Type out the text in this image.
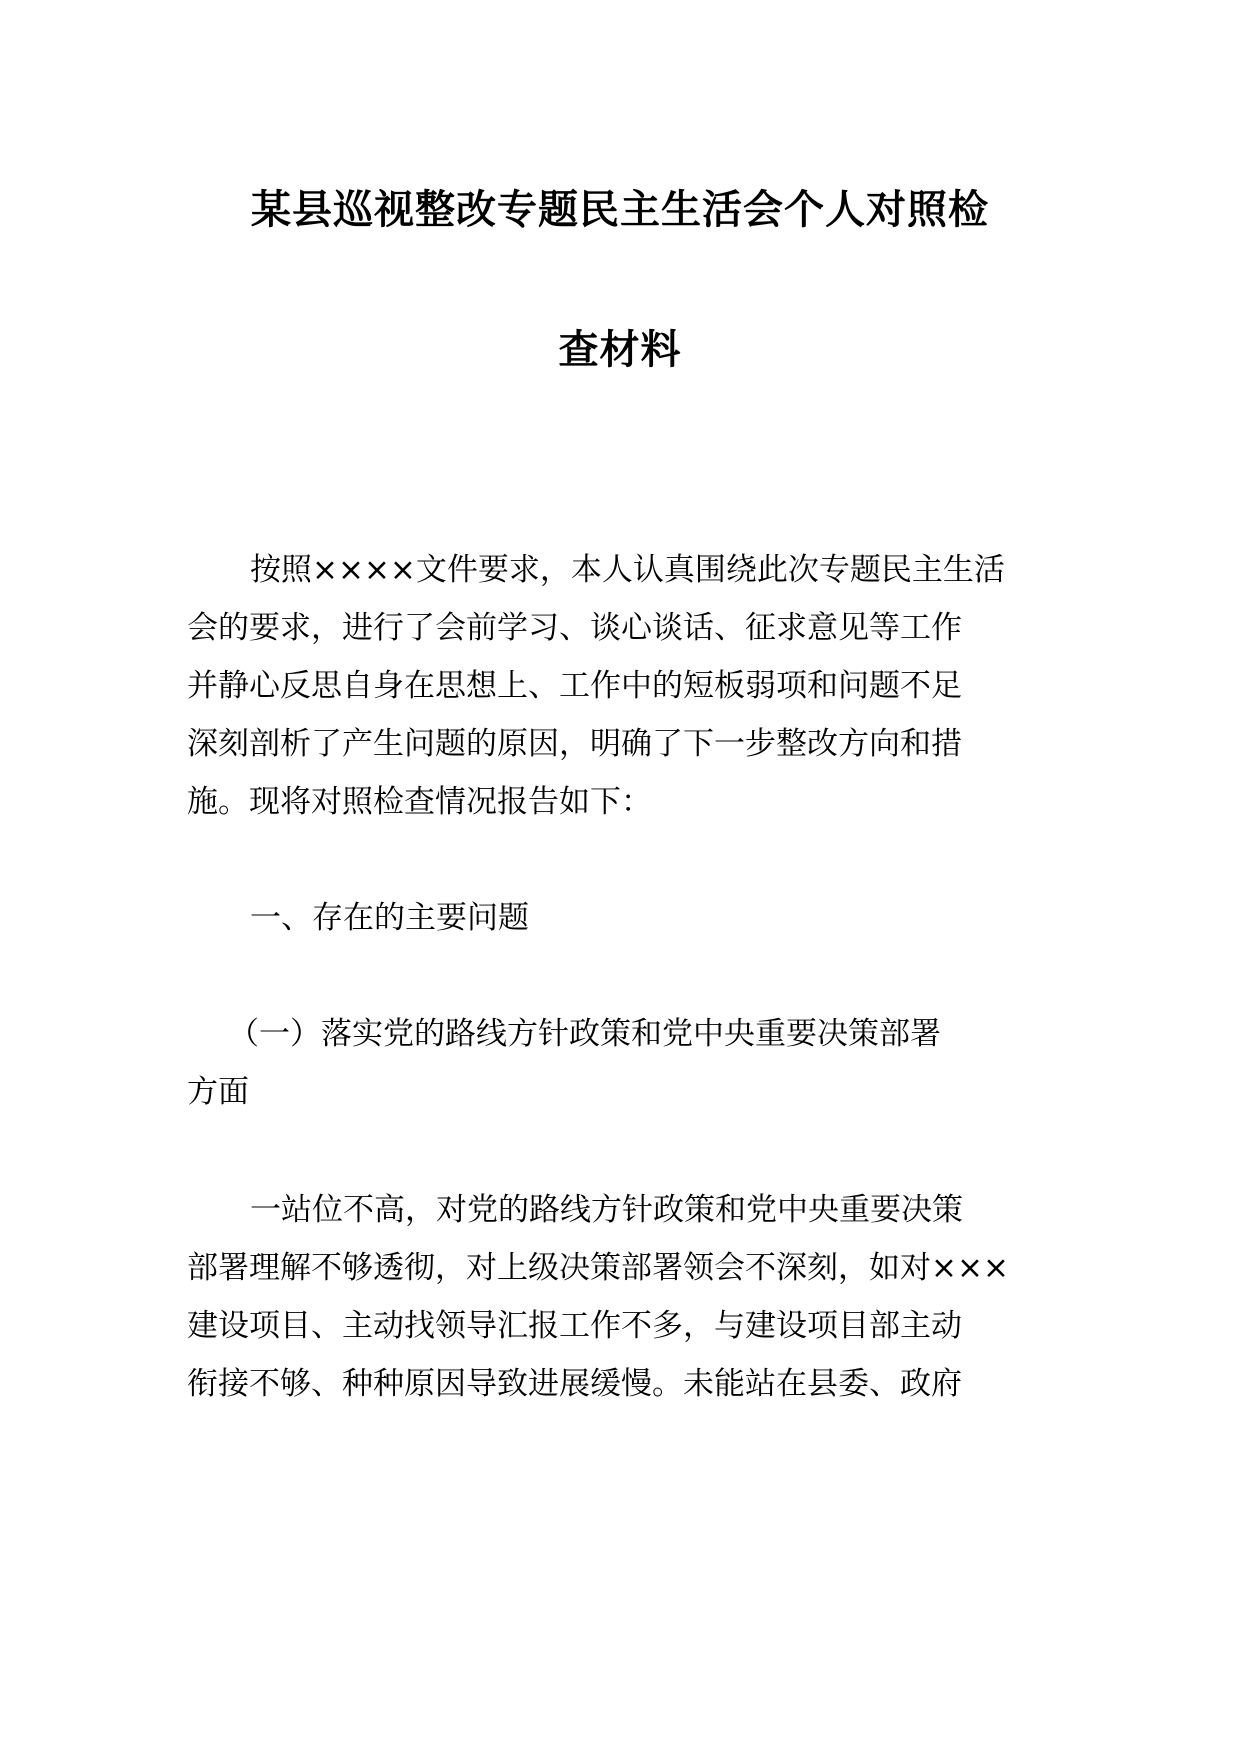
某县巡视整改专题民主生活会个人对照检
查材料
按照××××文件要求，本人认真围绕此次专题民主生活
会的要求，进行了会前学习、谈心谈话、征求意见等工作
并静心反思自身在思想上、工作中的短板弱项和问题不足
深刻剖析了产生问题的原因，明确了下一步整改方向和措
施。现将对照检查情况报告如下：
一、存在的主要问题
（一）落实党的路线方针政策和党中央重要决策部署
方面
一站位不高，对党的路线方针政策和党中央重要决策
部署理解不够透彻，对上级决策部署领会不深刻，如对×××
建设项目、主动找领导汇报工作不多，与建设项目部主动
衔接不够、种种原因导致进展缓慢。未能站在县委、政府
